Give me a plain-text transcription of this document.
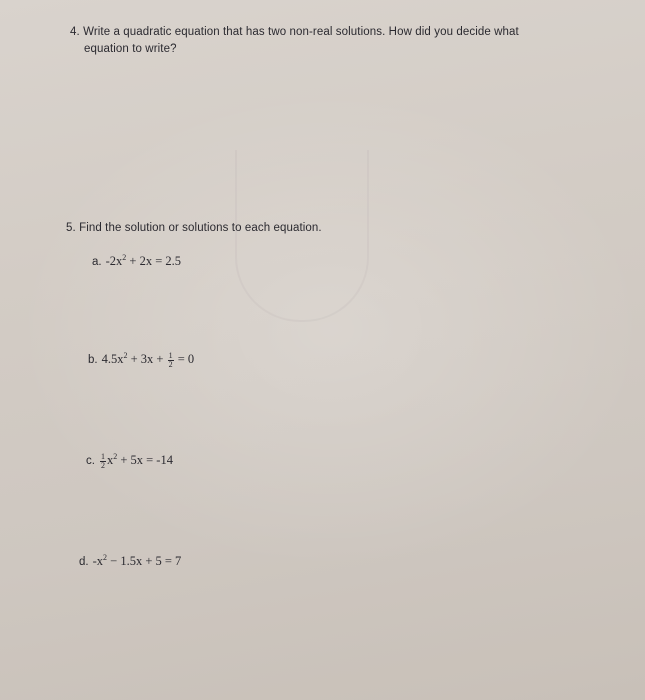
4. Write a quadratic equation that has two non-real solutions. How did you decide what
equation to write?
5. Find the solution or solutions to each equation.
a. $-2x^2 + 2x = 2.5$
b. $4.5x^2 + 3x + \frac{1}{2} = 0$
c. $\frac{1}{2} x^2 + 5x = -14$
d. $-x^2 - 1.5x + 5 = 7$
